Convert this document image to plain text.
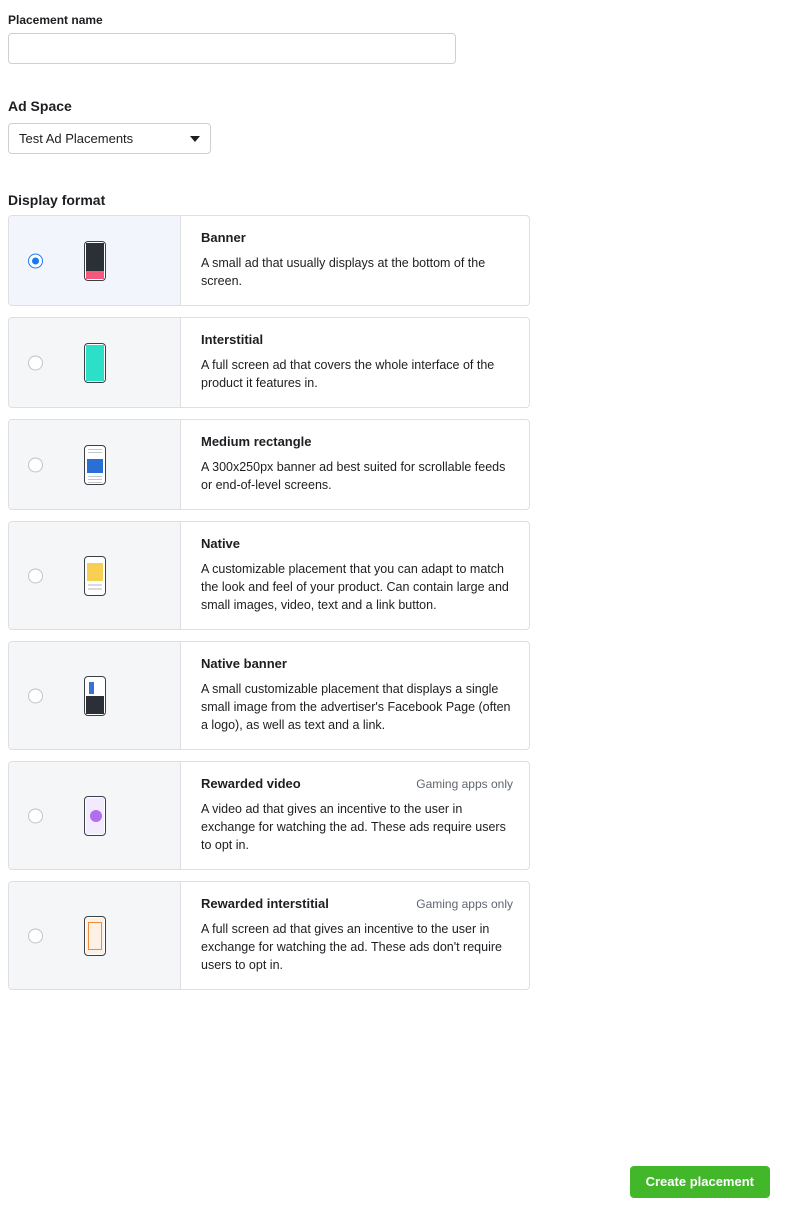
Placement name
Ad Space
Test Ad Placements
Display format
Banner
A small ad that usually displays at the bottom of the screen.
Interstitial
A full screen ad that covers the whole interface of the product it features in.
Medium rectangle
A 300x250px banner ad best suited for scrollable feeds or end-of-level screens.
Native
A customizable placement that you can adapt to match the look and feel of your product. Can contain large and small images, video, text and a link button.
Native banner
A small customizable placement that displays a single small image from the advertiser's Facebook Page (often a logo), as well as text and a link.
Rewarded video	Gaming apps only
A video ad that gives an incentive to the user in exchange for watching the ad. These ads require users to opt in.
Rewarded interstitial	Gaming apps only
A full screen ad that gives an incentive to the user in exchange for watching the ad. These ads don't require users to opt in.
Create placement
